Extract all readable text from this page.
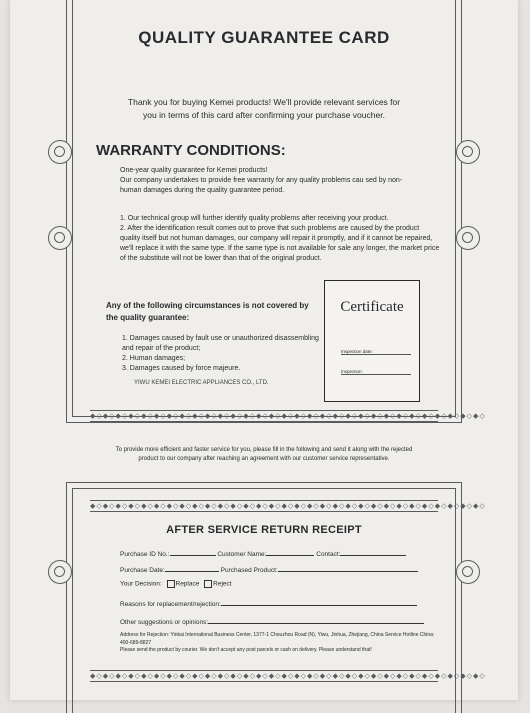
◆◇◆◇◆◇◆◇◆◇◆◇◆◇◆◇◆◇◆◇◆◇◆◇◆◇◆◇◆◇◆◇◆◇◆◇◆◇◆◇◆◇◆◇◆◇◆◇◆◇◆◇◆◇◆◇◆◇◆◇◆◇
◆◇◆◇◆◇◆◇◆◇◆◇◆◇◆◇◆◇◆◇◆◇◆◇◆◇◆◇◆◇◆◇◆◇◆◇◆◇◆◇◆◇◆◇◆◇◆◇◆◇◆◇◆◇◆◇◆◇◆◇◆◇
◆◇◆◇◆◇◆◇◆◇◆◇◆◇◆◇◆◇◆◇◆◇◆◇◆◇◆◇◆◇◆◇◆◇◆◇◆◇◆◇◆◇◆◇◆◇◆◇◆◇◆◇◆◇◆◇◆◇◆◇◆◇
QUALITY GUARANTEE CARD
Thank you for buying Kemei products! We'll provide relevant services for you in terms of this card after confirming your purchase voucher.
WARRANTY CONDITIONS:
One-year quality guarantee for Kemei products!
Our company undertakes to provide free warranty for any quality problems cau sed by non-human damages during the quality guarantee period.
1. Our technical group will further identify quality problems after receiving your product.
2. After the identification result comes out to prove that such problems are caused by the product quality itself but not human damages, our company will repair it promptly, and if it cannot be repaired, we'll replace it with the same type. If the same type is not available for sale any longer, the market price of the substitute will not be lower than that of the original product.
Any of the following circumstances is not covered by the quality guarantee:
1. Damages caused by fault use or unauthorized disassembling and repair of the product;
2. Human damages;
3. Damages caused by force majeure.
YIWU KEMEI ELECTRIC APPLIANCES CO., LTD.
Certificate
Inspection date:
Inspection:
To provide more efficient and faster service for you, please fill in the following and send it along with the rejected product to our company after reaching an agreement with our customer service representative.
AFTER SERVICE RETURN RECEIPT
Purchase ID No.:	Customer Name:	Contact:
Purchase Date:	Purchased Product:
Your Decision: Replace Reject
Reasons for replacement/rejection:
Other suggestions or opinions:
Address for Rejection: Yinkai International Business Center, 1377-1 Chouzhou Road (N), Yiwu, Jinhua, Zhejiang, China Service Hotline China: 400-689-8827
Please send the product by courier. We don't accept any post parcels or cash on delivery. Please understand that!
